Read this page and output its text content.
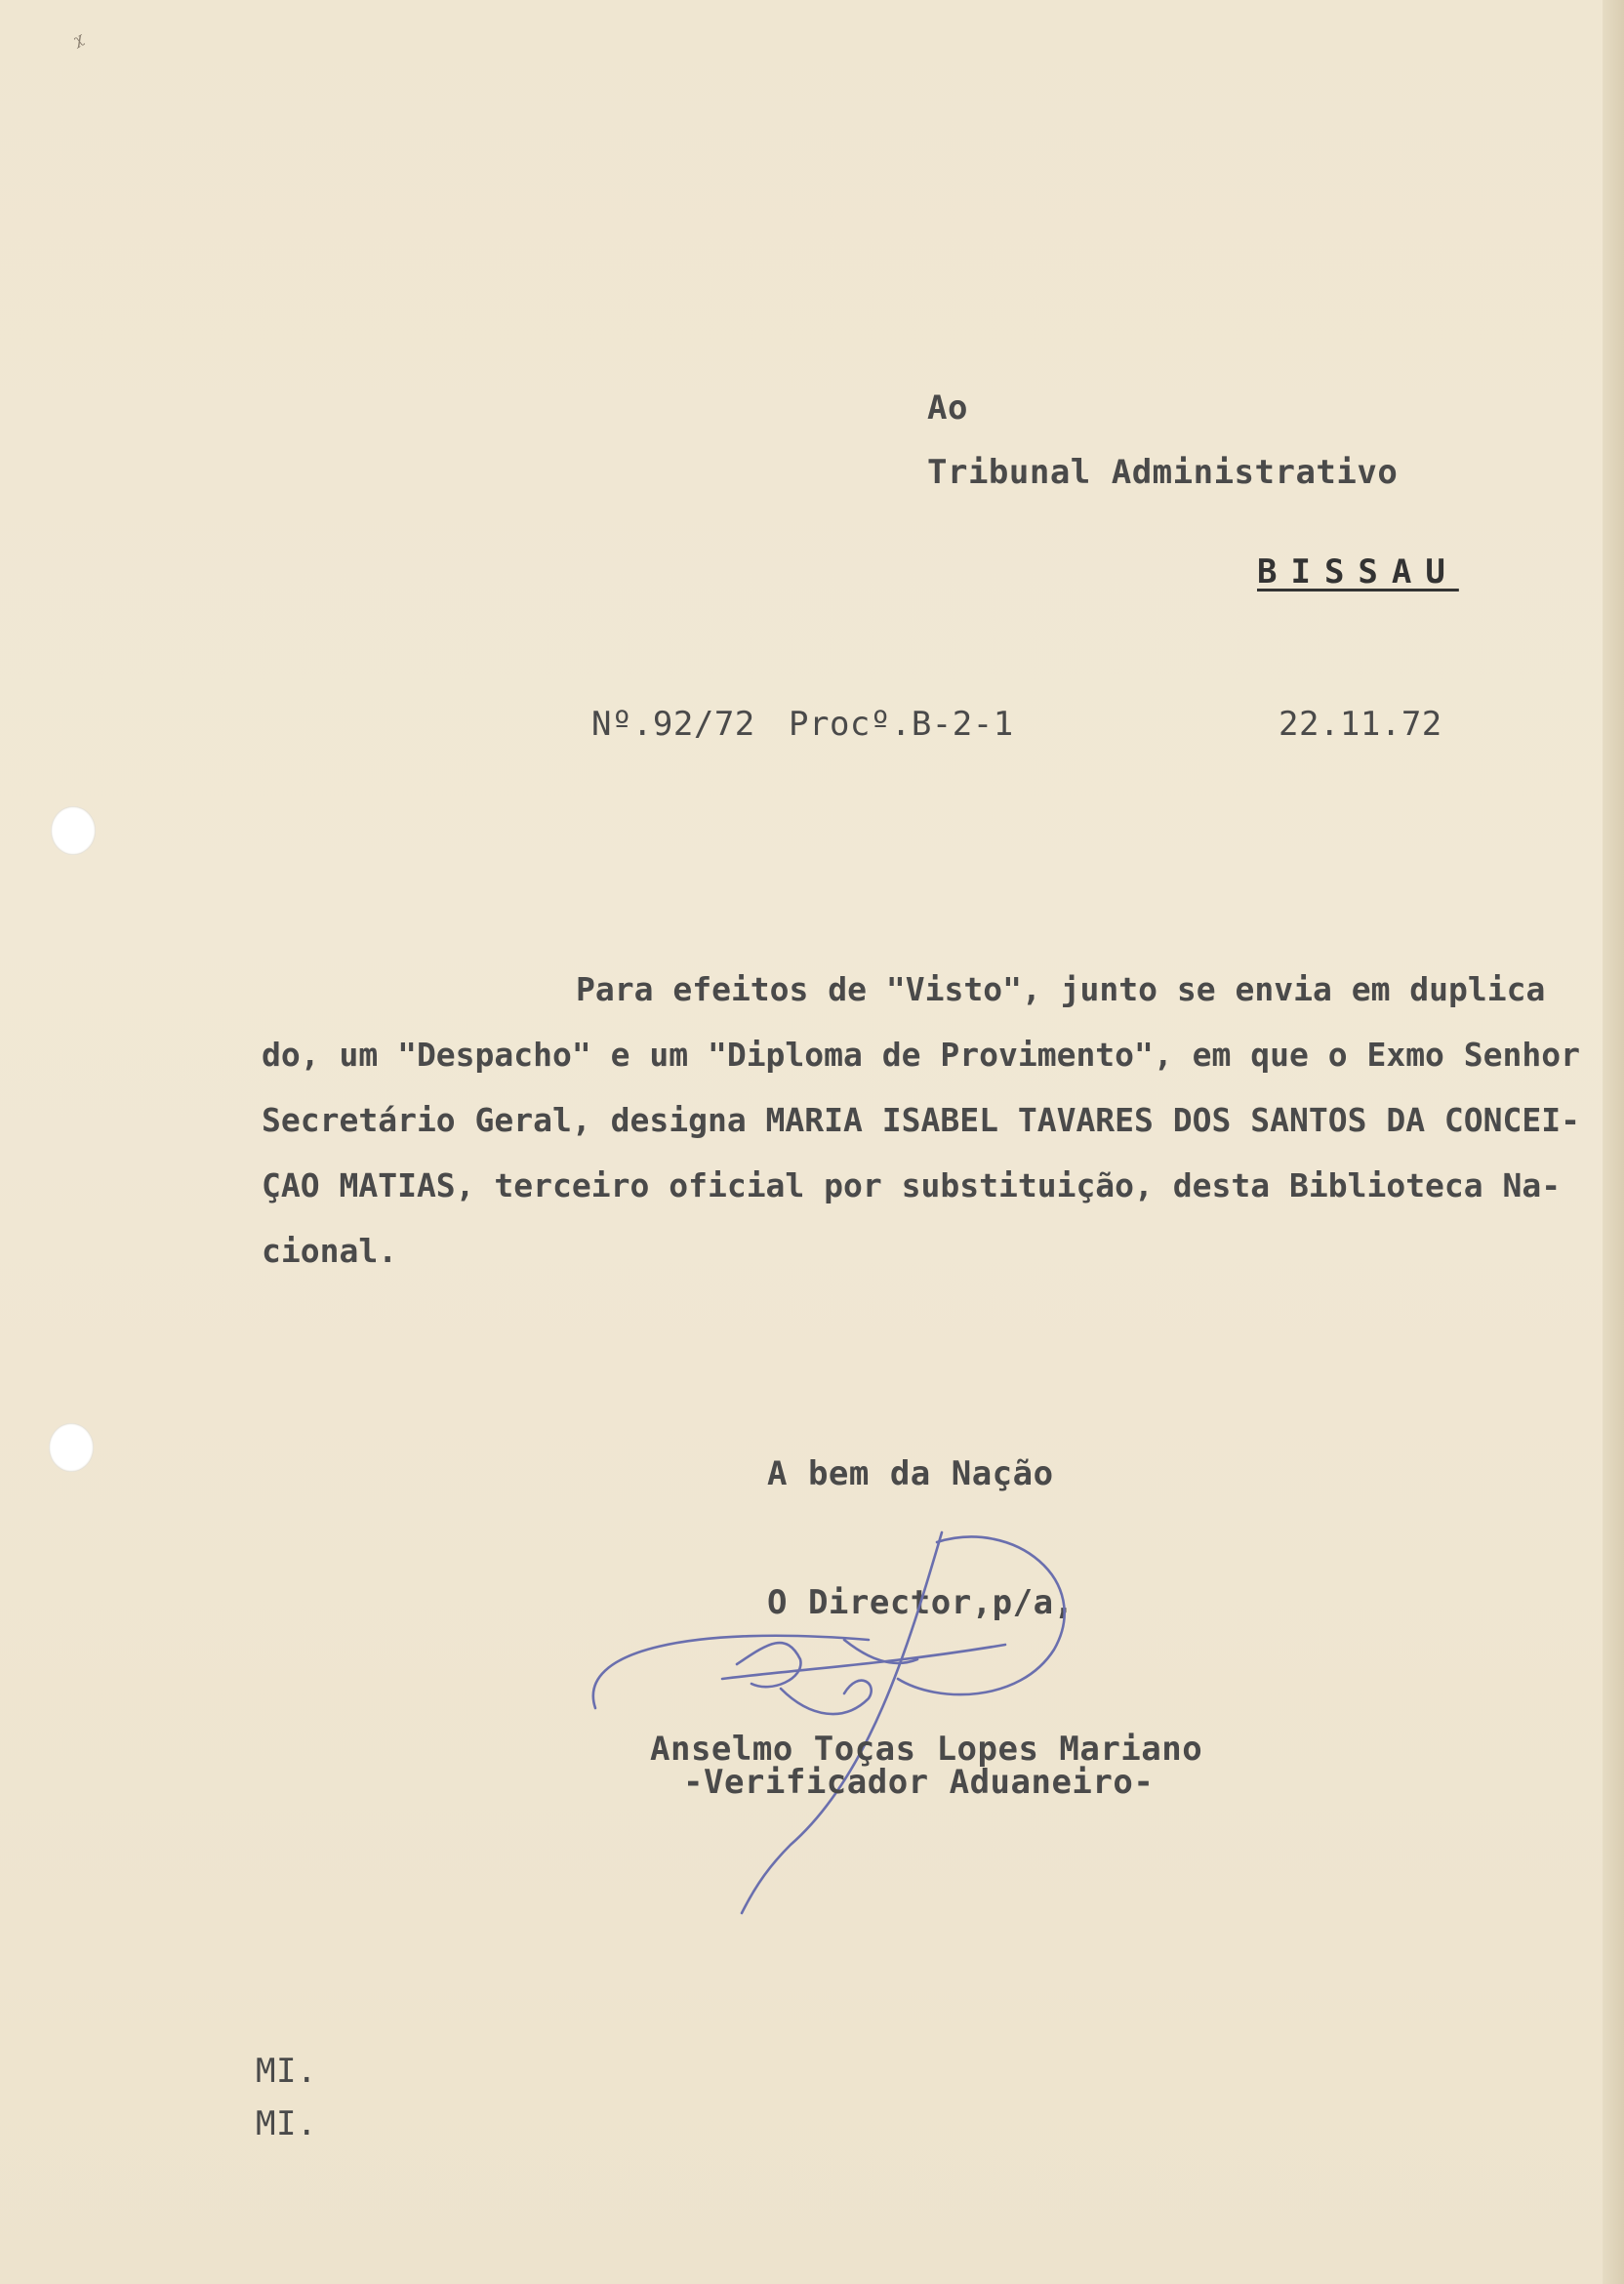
ᵡ
Ao
Tribunal Administrativo
BISSAU
Nº.92/72 Procº.B-2-1	22.11.72
Para efeitos de "Visto", junto se envia em duplica
do, um "Despacho" e um "Diploma de Provimento", em que o Exmo Senhor
Secretário Geral, designa MARIA ISABEL TAVARES DOS SANTOS DA CONCEI-
ÇAO MATIAS, terceiro oficial por substituição, desta Biblioteca Na-
cional.
A bem da Nação
O Director,p/a,
Anselmo Toças Lopes Mariano
-Verificador Aduaneiro-
MI.
MI.
